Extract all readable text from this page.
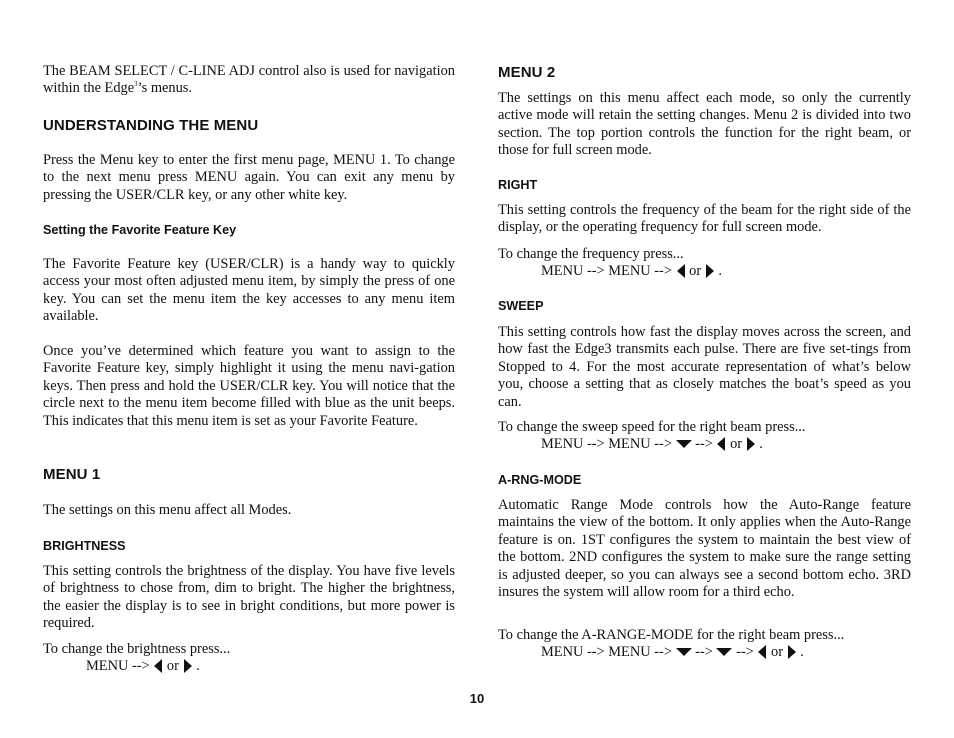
The BEAM SELECT / C-LINE ADJ control also is used for navigation within the Edge$^3$’s menus.

UNDERSTANDING THE MENU

Press the Menu key to enter the first menu page, MENU 1. To change to the next menu press MENU again. You can exit any menu by pressing the USER/CLR key, or any other white key.

Setting the Favorite Feature Key

The Favorite Feature key (USER/CLR) is a handy way to quickly access your most often adjusted menu item, by simply the press of one key. You can set the menu item the key accesses to any menu item available.

Once you’ve determined which feature you want to assign to the Favorite Feature key, simply highlight it using the menu navi-gation keys. Then press and hold the USER/CLR key. You will notice that the circle next to the menu item become filled with blue as the unit beeps. This indicates that this menu item is set as your Favorite Feature.

MENU 1

The settings on this menu affect all Modes.

BRIGHTNESS

This setting controls the brightness of the display. You have five levels of brightness to chose from, dim to bright. The higher the brightness, the easier the display is to see in bright conditions, but more power is required.

To change the brightness press...

MENU --> or .

MENU 2

The settings on this menu affect each mode, so only the currently active mode will retain the setting changes. Menu 2 is divided into two section. The top portion controls the function for the right beam, or those for full screen mode.

RIGHT

This setting controls the frequency of the beam for the right side of the display, or the operating frequency for full screen mode.

To change the frequency press...

MENU --> MENU --> or .

SWEEP

This setting controls how fast the display moves across the screen, and how fast the Edge3 transmits each pulse. There are five set-tings from Stopped to 4. For the most accurate representation of what’s below you, choose a setting that as closely matches the boat’s speed as you can.

To change the sweep speed for the right beam press...

MENU --> MENU --> --> or .

A-RNG-MODE

Automatic Range Mode controls how the Auto-Range feature maintains the view of the bottom. It only applies when the Auto-Range feature is on. 1ST configures the system to maintain the best view of the bottom. 2ND configures the system to make sure the range setting is adjusted deeper, so you can always see a second bottom echo. 3RD insures the system will allow room for a third echo.

To change the A-RANGE-MODE for the right beam press...

MENU --> MENU --> --> --> or .

10
